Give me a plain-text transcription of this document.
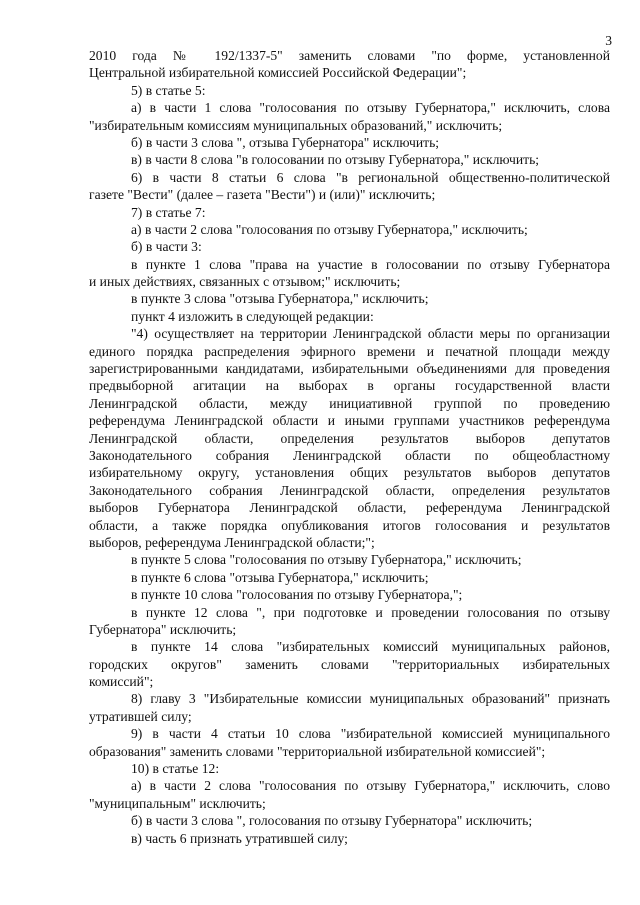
3
2010 года № 192/1337-5" заменить словами "по форме, установленной
Центральной избирательной комиссией Российской Федерации";
5) в статье 5:
а) в части 1 слова "голосования по отзыву Губернатора," исключить, слова
"избирательным комиссиям муниципальных образований," исключить;
б) в части 3 слова ", отзыва Губернатора" исключить;
в) в части 8 слова "в голосовании по отзыву Губернатора," исключить;
6) в части 8 статьи 6 слова "в региональной общественно-политической
газете "Вести" (далее – газета "Вести") и (или)" исключить;
7) в статье 7:
а) в части 2 слова "голосования по отзыву Губернатора," исключить;
б) в части 3:
в пункте 1 слова "права на участие в голосовании по отзыву Губернатора
и иных действиях, связанных с отзывом;" исключить;
в пункте 3 слова "отзыва Губернатора," исключить;
пункт 4 изложить в следующей редакции:
"4) осуществляет на территории Ленинградской области меры по организации
единого порядка распределения эфирного времени и печатной площади между
зарегистрированными кандидатами, избирательными объединениями для проведения
предвыборной агитации на выборах в органы государственной власти
Ленинградской области, между инициативной группой по проведению
референдума Ленинградской области и иными группами участников референдума
Ленинградской области, определения результатов выборов депутатов
Законодательного собрания Ленинградской области по общеобластному
избирательному округу, установления общих результатов выборов депутатов
Законодательного собрания Ленинградской области, определения результатов
выборов Губернатора Ленинградской области, референдума Ленинградской
области, а также порядка опубликования итогов голосования и результатов
выборов, референдума Ленинградской области;";
в пункте 5 слова "голосования по отзыву Губернатора," исключить;
в пункте 6 слова "отзыва Губернатора," исключить;
в пункте 10 слова "голосования по отзыву Губернатора,";
в пункте 12 слова ", при подготовке и проведении голосования по отзыву
Губернатора" исключить;
в пункте 14 слова "избирательных комиссий муниципальных районов,
городских округов" заменить словами "территориальных избирательных
комиссий";
8) главу 3 "Избирательные комиссии муниципальных образований" признать
утратившей силу;
9) в части 4 статьи 10 слова "избирательной комиссией муниципального
образования" заменить словами "территориальной избирательной комиссией";
10) в статье 12:
а) в части 2 слова "голосования по отзыву Губернатора," исключить, слово
"муниципальным" исключить;
б) в части 3 слова ", голосования по отзыву Губернатора" исключить;
в) часть 6 признать утратившей силу;
